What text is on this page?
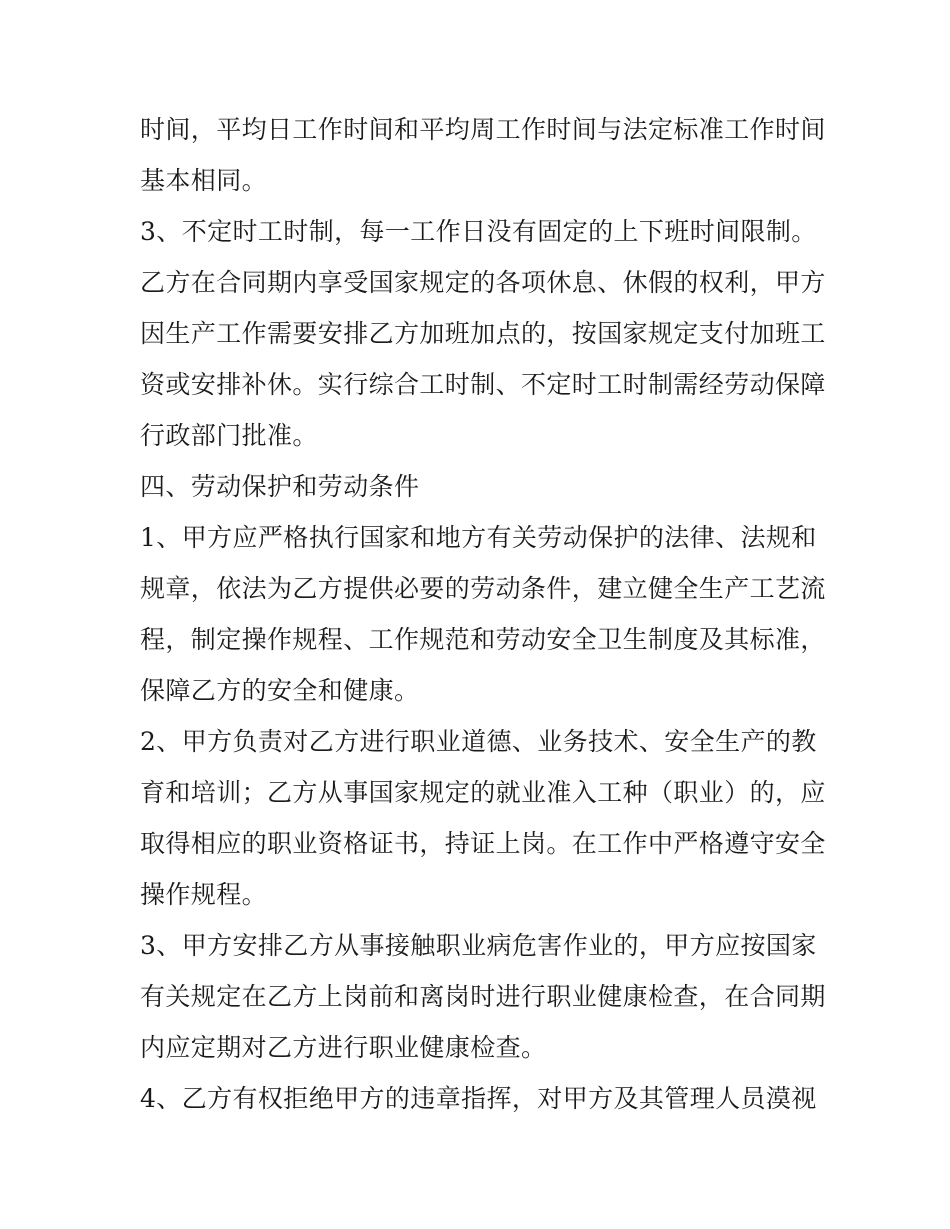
时间，平均日工作时间和平均周工作时间与法定标准工作时间
基本相同。
3、不定时工时制，每一工作日没有固定的上下班时间限制。
乙方在合同期内享受国家规定的各项休息、休假的权利，甲方
因生产工作需要安排乙方加班加点的，按国家规定支付加班工
资或安排补休。实行综合工时制、不定时工时制需经劳动保障
行政部门批准。
四、劳动保护和劳动条件
1、甲方应严格执行国家和地方有关劳动保护的法律、法规和
规章，依法为乙方提供必要的劳动条件，建立健全生产工艺流
程，制定操作规程、工作规范和劳动安全卫生制度及其标准，
保障乙方的安全和健康。
2、甲方负责对乙方进行职业道德、业务技术、安全生产的教
育和培训；乙方从事国家规定的就业准入工种（职业）的，应
取得相应的职业资格证书，持证上岗。在工作中严格遵守安全
操作规程。
3、甲方安排乙方从事接触职业病危害作业的，甲方应按国家
有关规定在乙方上岗前和离岗时进行职业健康检查，在合同期
内应定期对乙方进行职业健康检查。
4、乙方有权拒绝甲方的违章指挥，对甲方及其管理人员漠视
